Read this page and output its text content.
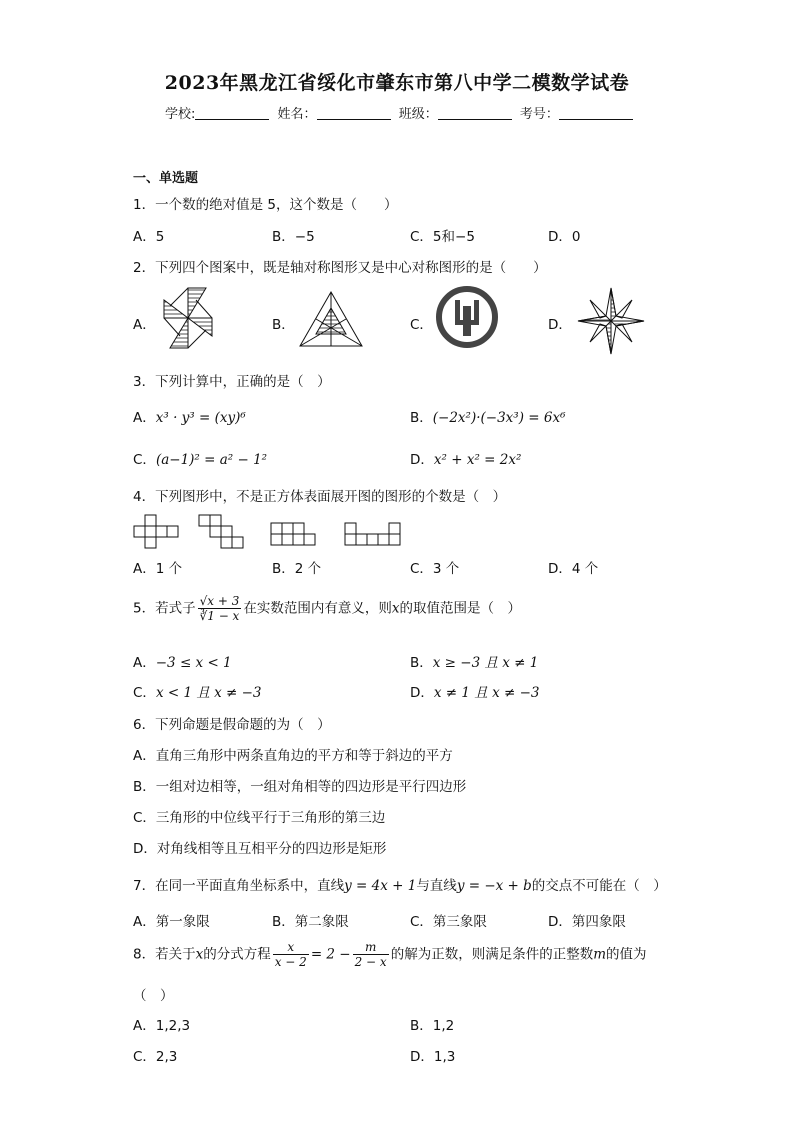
2023年黑龙江省绥化市肇东市第八中学二模数学试卷
学校:	姓名：	班级：	考号：
一、单选题
1．一个数的绝对值是 5，这个数是（　　）
A．5	B．−5	C．5和−5	D．0
2．下列四个图案中，既是轴对称图形又是中心对称图形的是（　　）
A．	B．	C．	D．
3．下列计算中，正确的是（　）
A．x³ · y³ = (xy)⁶	B．(−2x²)·(−3x³) = 6x⁶
C．(a−1)² = a² − 1²	D．x² + x² = 2x²
4．下列图形中，不是正方体表面展开图的图形的个数是（　）
A．1 个	B．2 个	C．3 个	D．4 个
5．若式子 $\frac{√x + 3}{∛1 - x}$ 在实数范围内有意义，则x的取值范围是（　）
A．−3 ≤ x < 1	B．x ≥ −3 且 x ≠ 1
C．x < 1 且 x ≠ −3	D．x ≠ 1 且 x ≠ −3
6．下列命题是假命题的为（　）
A．直角三角形中两条直角边的平方和等于斜边的平方
B．一组对边相等，一组对角相等的四边形是平行四边形
C．三角形的中位线平行于三角形的第三边
D．对角线相等且互相平分的四边形是矩形
7．在同一平面直角坐标系中，直线y = 4x + 1与直线y = −x + b的交点不可能在（　）
A．第一象限	B．第二象限	C．第三象限	D．第四象限
8．若关于x的分式方程 $\frac{x}{x - 2} = 2 - \frac{m}{2 - x}$ 的解为正数，则满足条件的正整数m的值为
（　）
A．1,2,3	B．1,2
C．2,3	D．1,3
